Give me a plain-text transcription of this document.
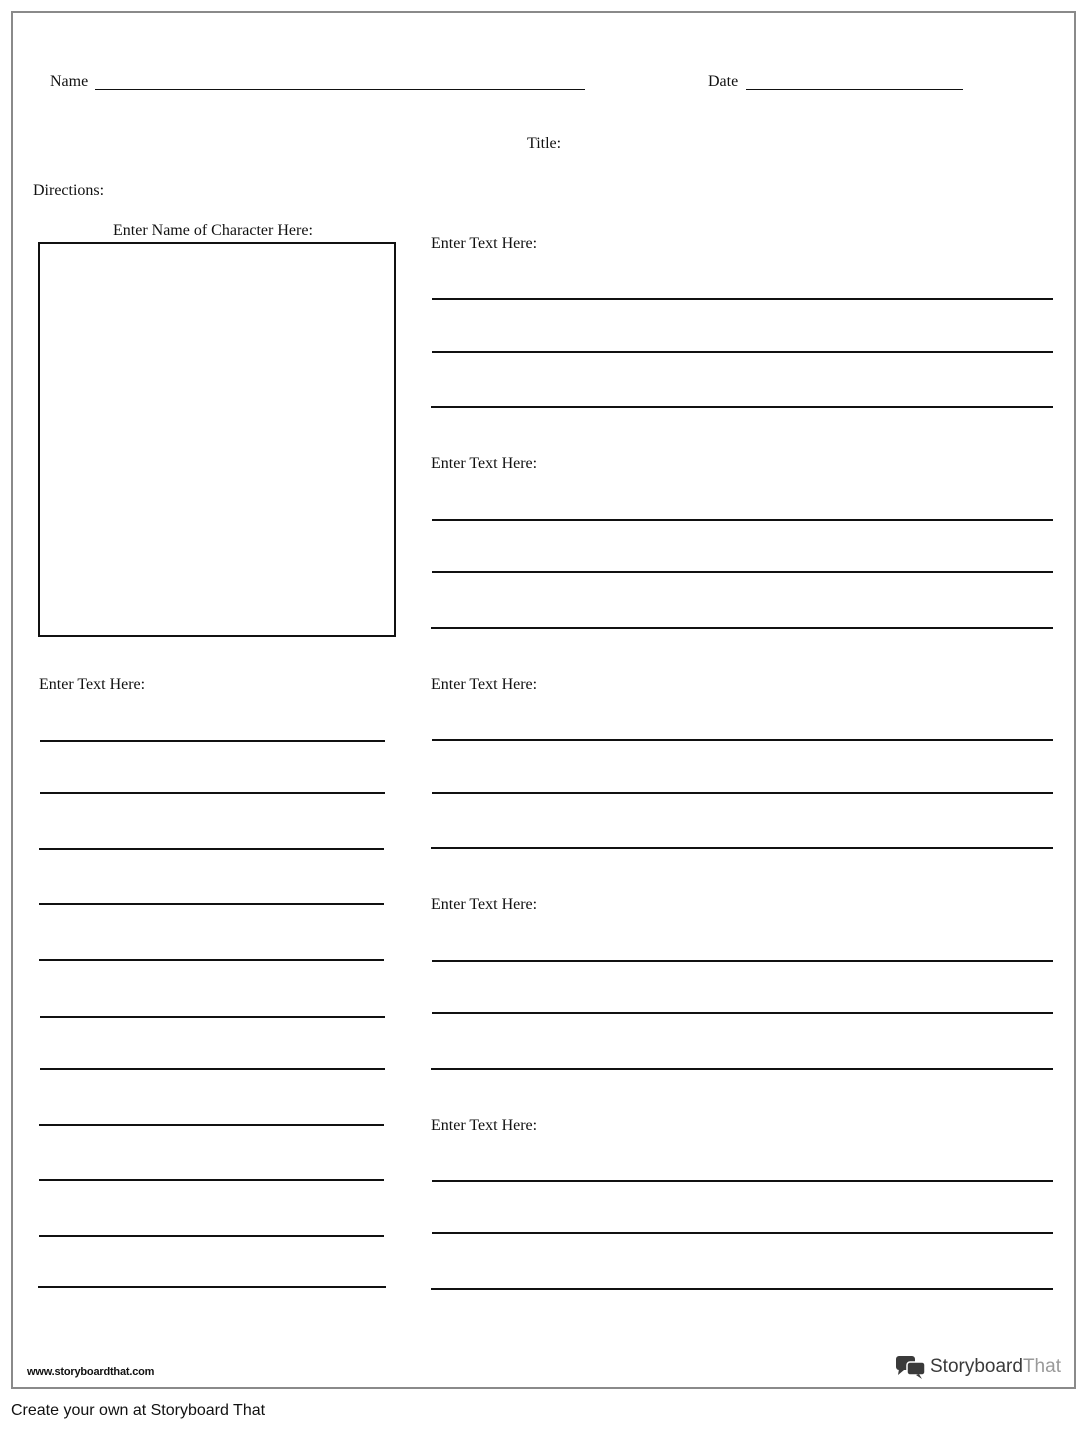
Name	Date
Title:
Directions:
Enter Name of Character Here:
Enter Text Here:
Enter Text Here:
Enter Text Here:
Enter Text Here:
Enter Text Here:
Enter Text Here:
www.storyboardthat.com	Storyboard That
Create your own at Storyboard That
